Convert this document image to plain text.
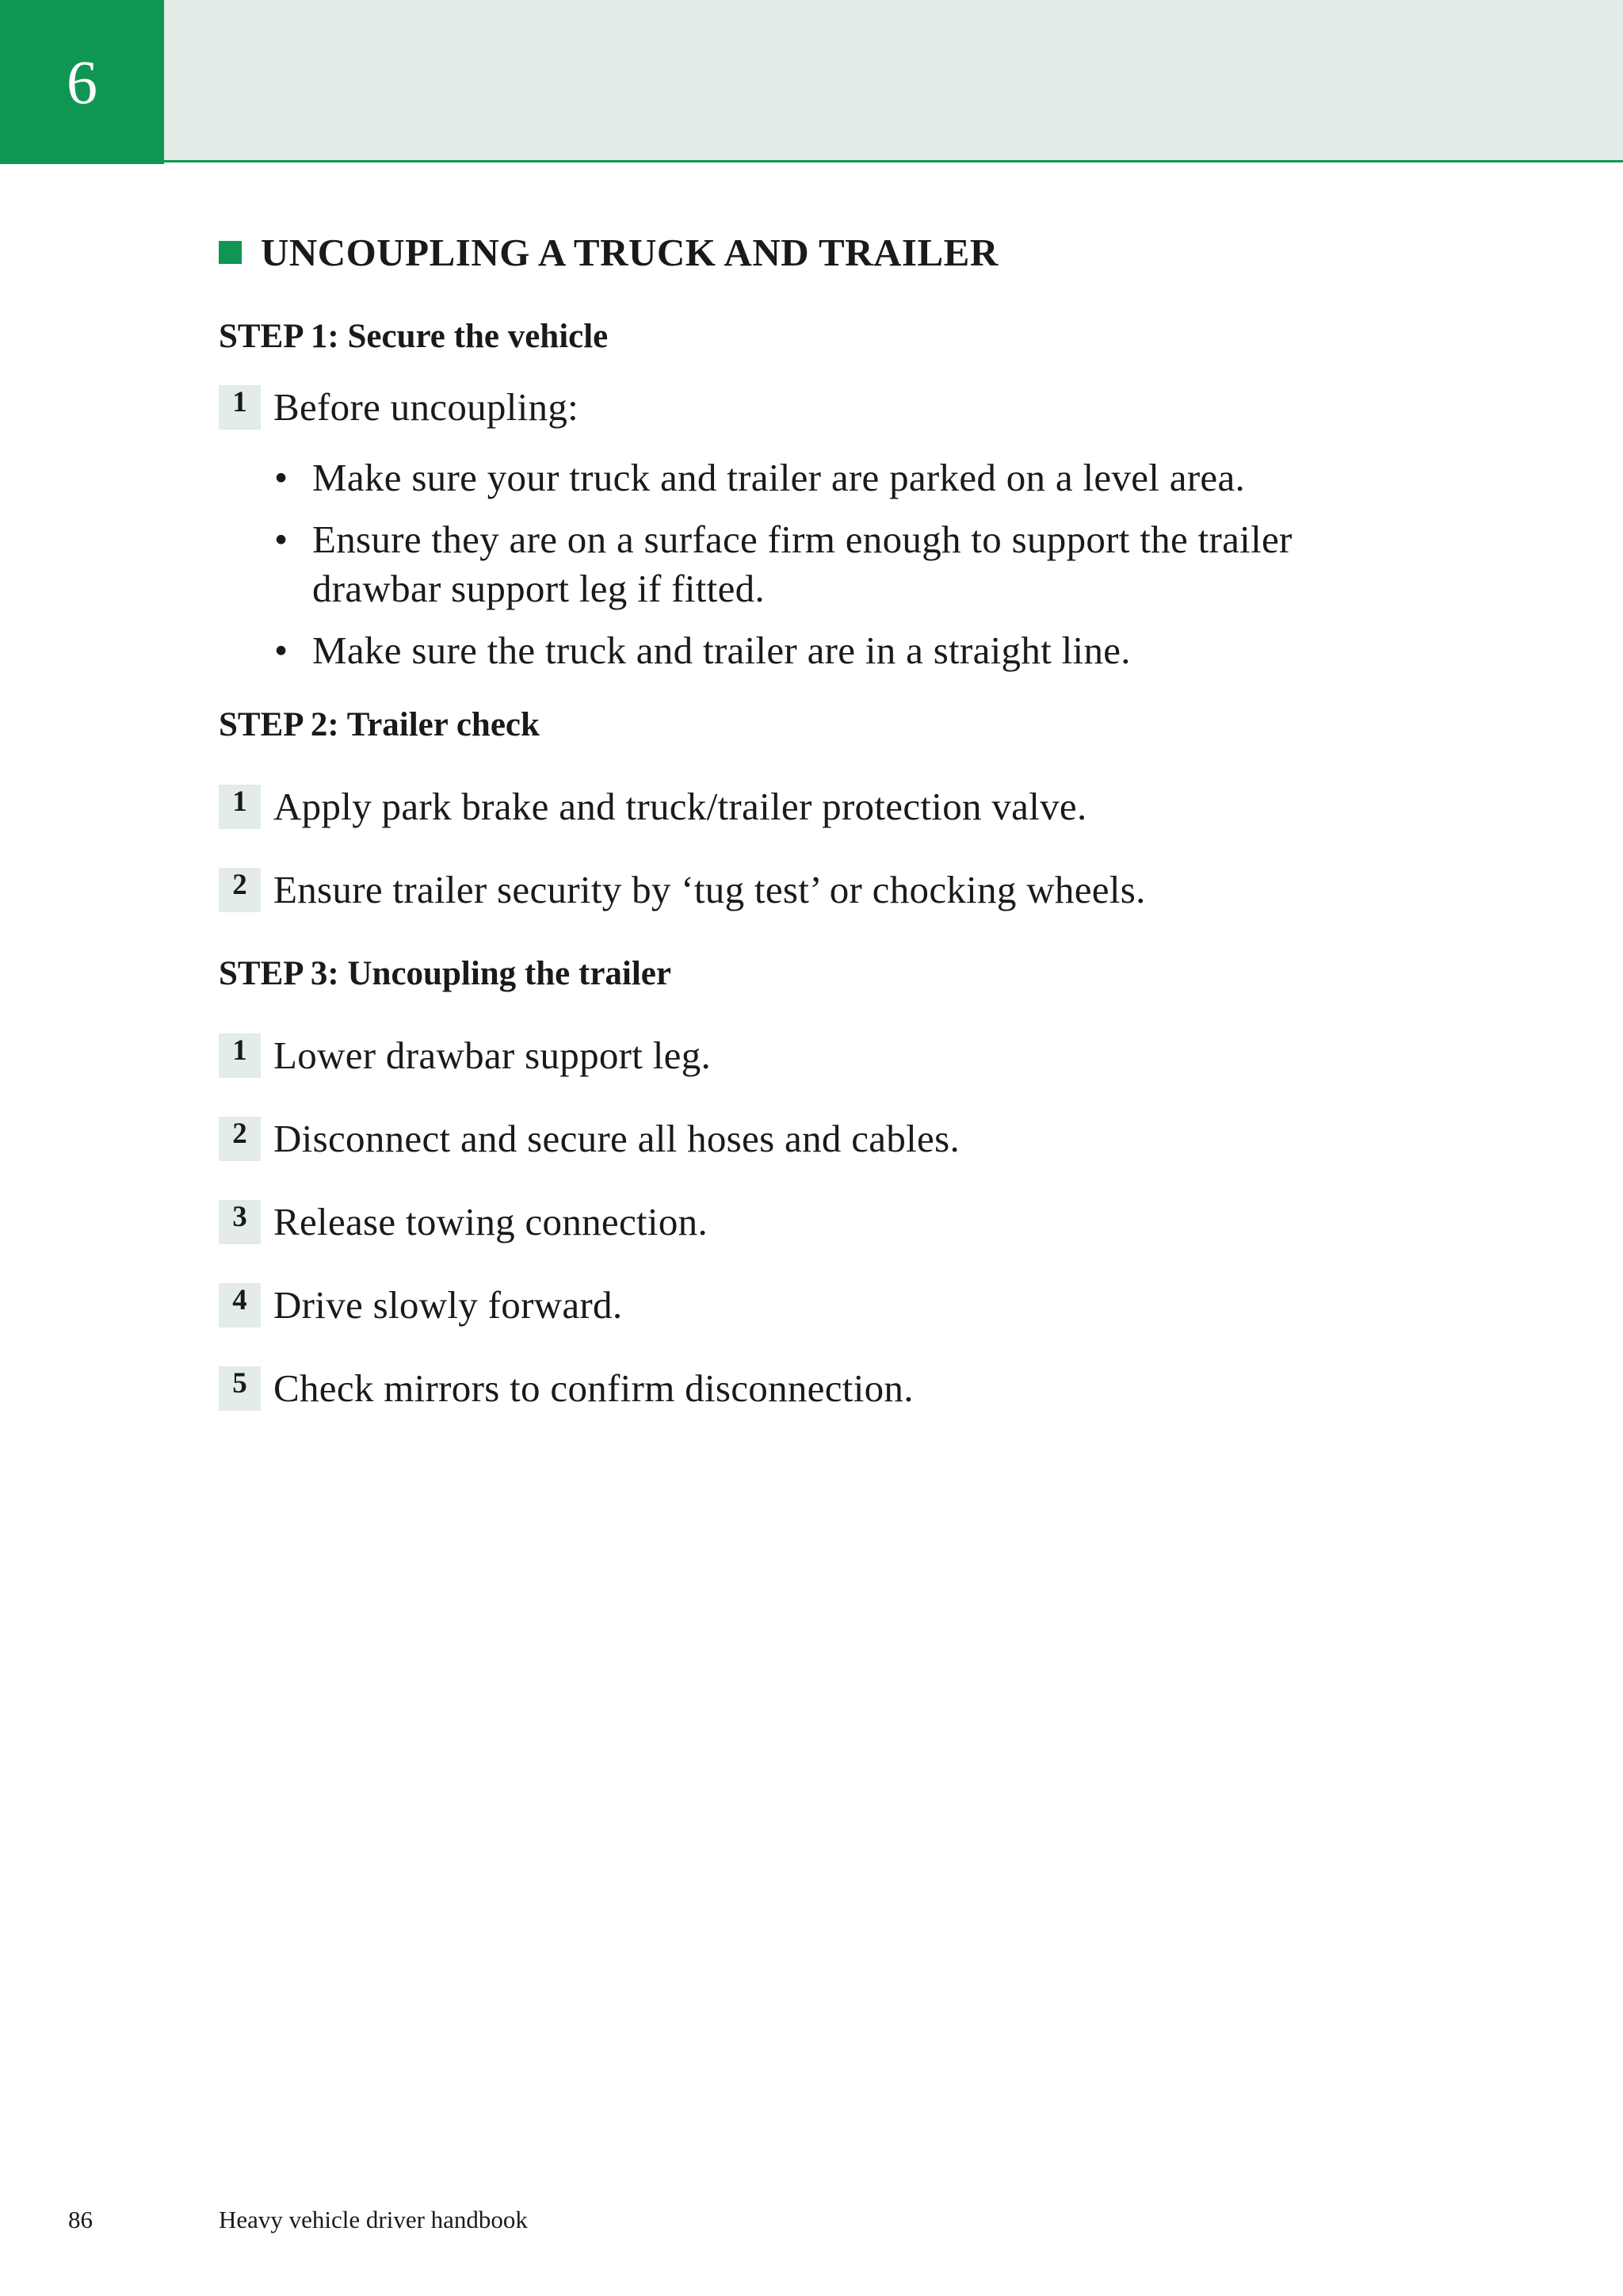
6
UNCOUPLING A TRUCK AND TRAILER
STEP 1: Secure the vehicle
1 Before uncoupling:
• Make sure your truck and trailer are parked on a level area.
• Ensure they are on a surface firm enough to support the trailer drawbar support leg if fitted.
• Make sure the truck and trailer are in a straight line.
STEP 2: Trailer check
1 Apply park brake and truck/trailer protection valve.
2 Ensure trailer security by ‘tug test’ or chocking wheels.
STEP 3: Uncoupling the trailer
1 Lower drawbar support leg.
2 Disconnect and secure all hoses and cables.
3 Release towing connection.
4 Drive slowly forward.
5 Check mirrors to confirm disconnection.
86	Heavy vehicle driver handbook
